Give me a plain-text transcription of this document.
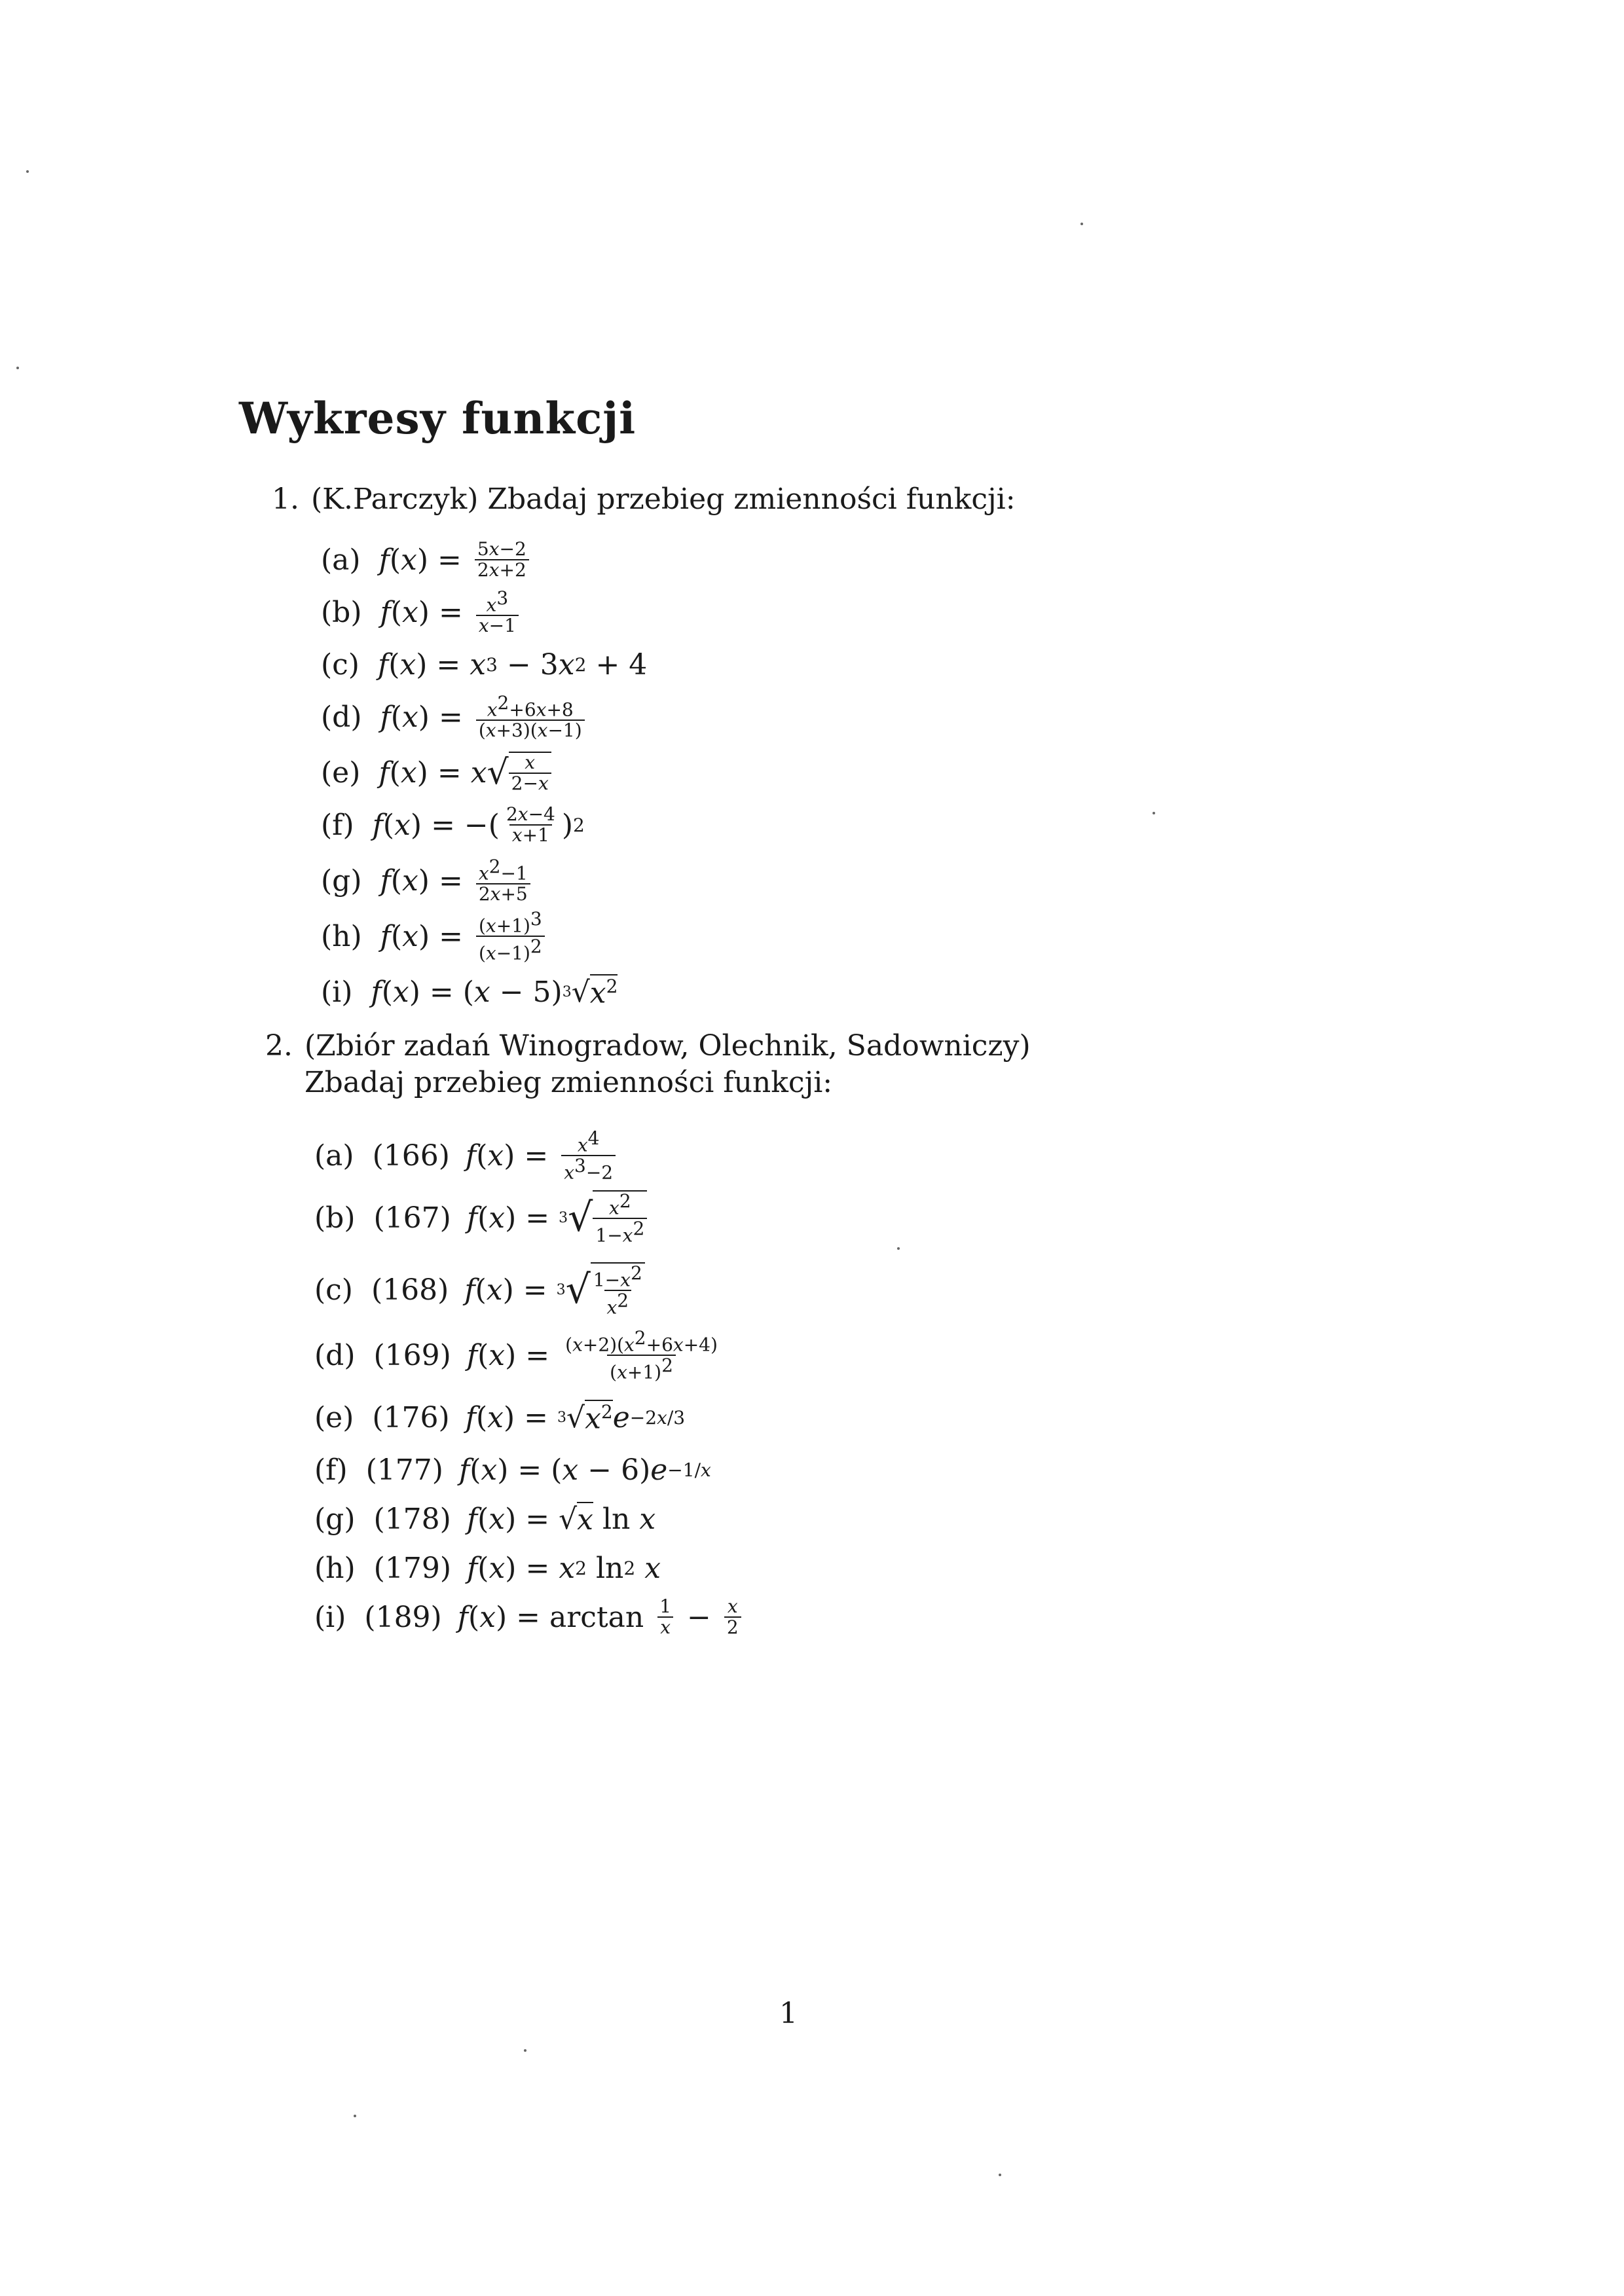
Wykresy funkcji
1. (K.Parczyk) Zbadaj przebieg zmienności funkcji:
(a) f ( x ) = $\frac{5x-2}{2x+2}$
(b) f ( x ) = $\frac{x^3}{x-1}$
(c) f ( x ) = x 3 − 3 x 2 + 4
(d) f ( x ) = $\frac{x^2+6x+8}{(x+3)(x-1)}$
(e) f ( x ) = x √ $\frac{x}{2-x}$
(f) f ( x ) = −( $\frac{2x-4}{x+1}$ ) 2
(g) f ( x ) = $\frac{x^2-1}{2x+5}$
(h) f ( x ) = $\frac{(x+1)^3}{(x-1)^2}$
(i) f ( x ) = ( x − 5) 3 √ $x^2$
2. (Zbiór zadań Winogradow, Olechnik, Sadowniczy)
Zbadaj przebieg zmienności funkcji:
(a) (166) f ( x ) = $\frac{x^4}{x^3-2}$
(b) (167) f ( x ) = 3 √ $\frac{x^2}{1-x^2}$
(c) (168) f ( x ) = 3 √ $\frac{1-x^2}{x^2}$
(d) (169) f ( x ) = $\frac{(x+2)(x^2+6x+4)}{(x+1)^2}$
(e) (176) f ( x ) = 3 √ $x^2$ e −2x/3
(f) (177) f ( x ) = ( x − 6) e −1/x
(g) (178) f ( x ) = √ x ln x
(h) (179) f ( x ) = x 2 ln 2
x
(i) (189) f ( x ) = $\arctan \frac{1}{x} - \frac{x}{2}$
1
